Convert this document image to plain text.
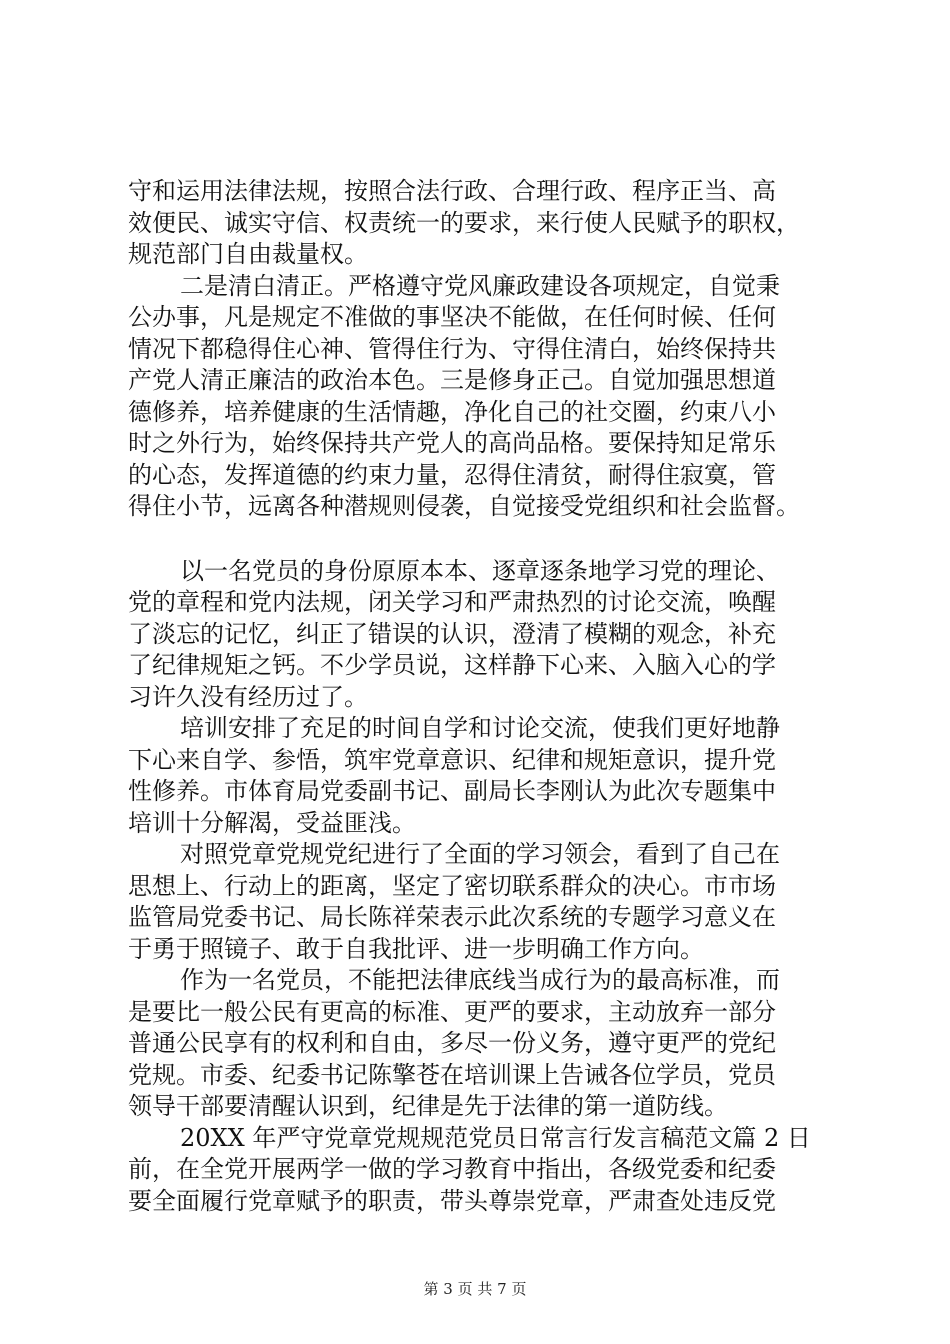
守和运用法律法规，按照合法行政、合理行政、程序正当、高
效便民、诚实守信、权责统一的要求，来行使人民赋予的职权，
规范部门自由裁量权。

二是清白清正。严格遵守党风廉政建设各项规定，自觉秉
公办事，凡是规定不准做的事坚决不能做，在任何时候、任何
情况下都稳得住心神、管得住行为、守得住清白，始终保持共
产党人清正廉洁的政治本色。三是修身正己。自觉加强思想道
德修养，培养健康的生活情趣，净化自己的社交圈，约束八小
时之外行为，始终保持共产党人的高尚品格。要保持知足常乐
的心态，发挥道德的约束力量，忍得住清贫，耐得住寂寞，管
得住小节，远离各种潜规则侵袭，自觉接受党组织和社会监督。

以一名党员的身份原原本本、逐章逐条地学习党的理论、
党的章程和党内法规，闭关学习和严肃热烈的讨论交流，唤醒
了淡忘的记忆，纠正了错误的认识，澄清了模糊的观念，补充
了纪律规矩之钙。不少学员说，这样静下心来、入脑入心的学
习许久没有经历过了。

培训安排了充足的时间自学和讨论交流，使我们更好地静
下心来自学、参悟，筑牢党章意识、纪律和规矩意识，提升党
性修养。市体育局党委副书记、副局长李刚认为此次专题集中
培训十分解渴，受益匪浅。

对照党章党规党纪进行了全面的学习领会，看到了自己在
思想上、行动上的距离，坚定了密切联系群众的决心。市市场
监管局党委书记、局长陈祥荣表示此次系统的专题学习意义在
于勇于照镜子、敢于自我批评、进一步明确工作方向。

作为一名党员，不能把法律底线当成行为的最高标准，而
是要比一般公民有更高的标准、更严的要求，主动放弃一部分
普通公民享有的权利和自由，多尽一份义务，遵守更严的党纪
党规。市委、纪委书记陈擎苍在培训课上告诫各位学员，党员
领导干部要清醒认识到，纪律是先于法律的第一道防线。

20XX 年严守党章党规规范党员日常言行发言稿范文篇 2 日
前，在全党开展两学一做的学习教育中指出，各级党委和纪委
要全面履行党章赋予的职责，带头尊崇党章，严肃查处违反党

第 3 页 共 7 页
